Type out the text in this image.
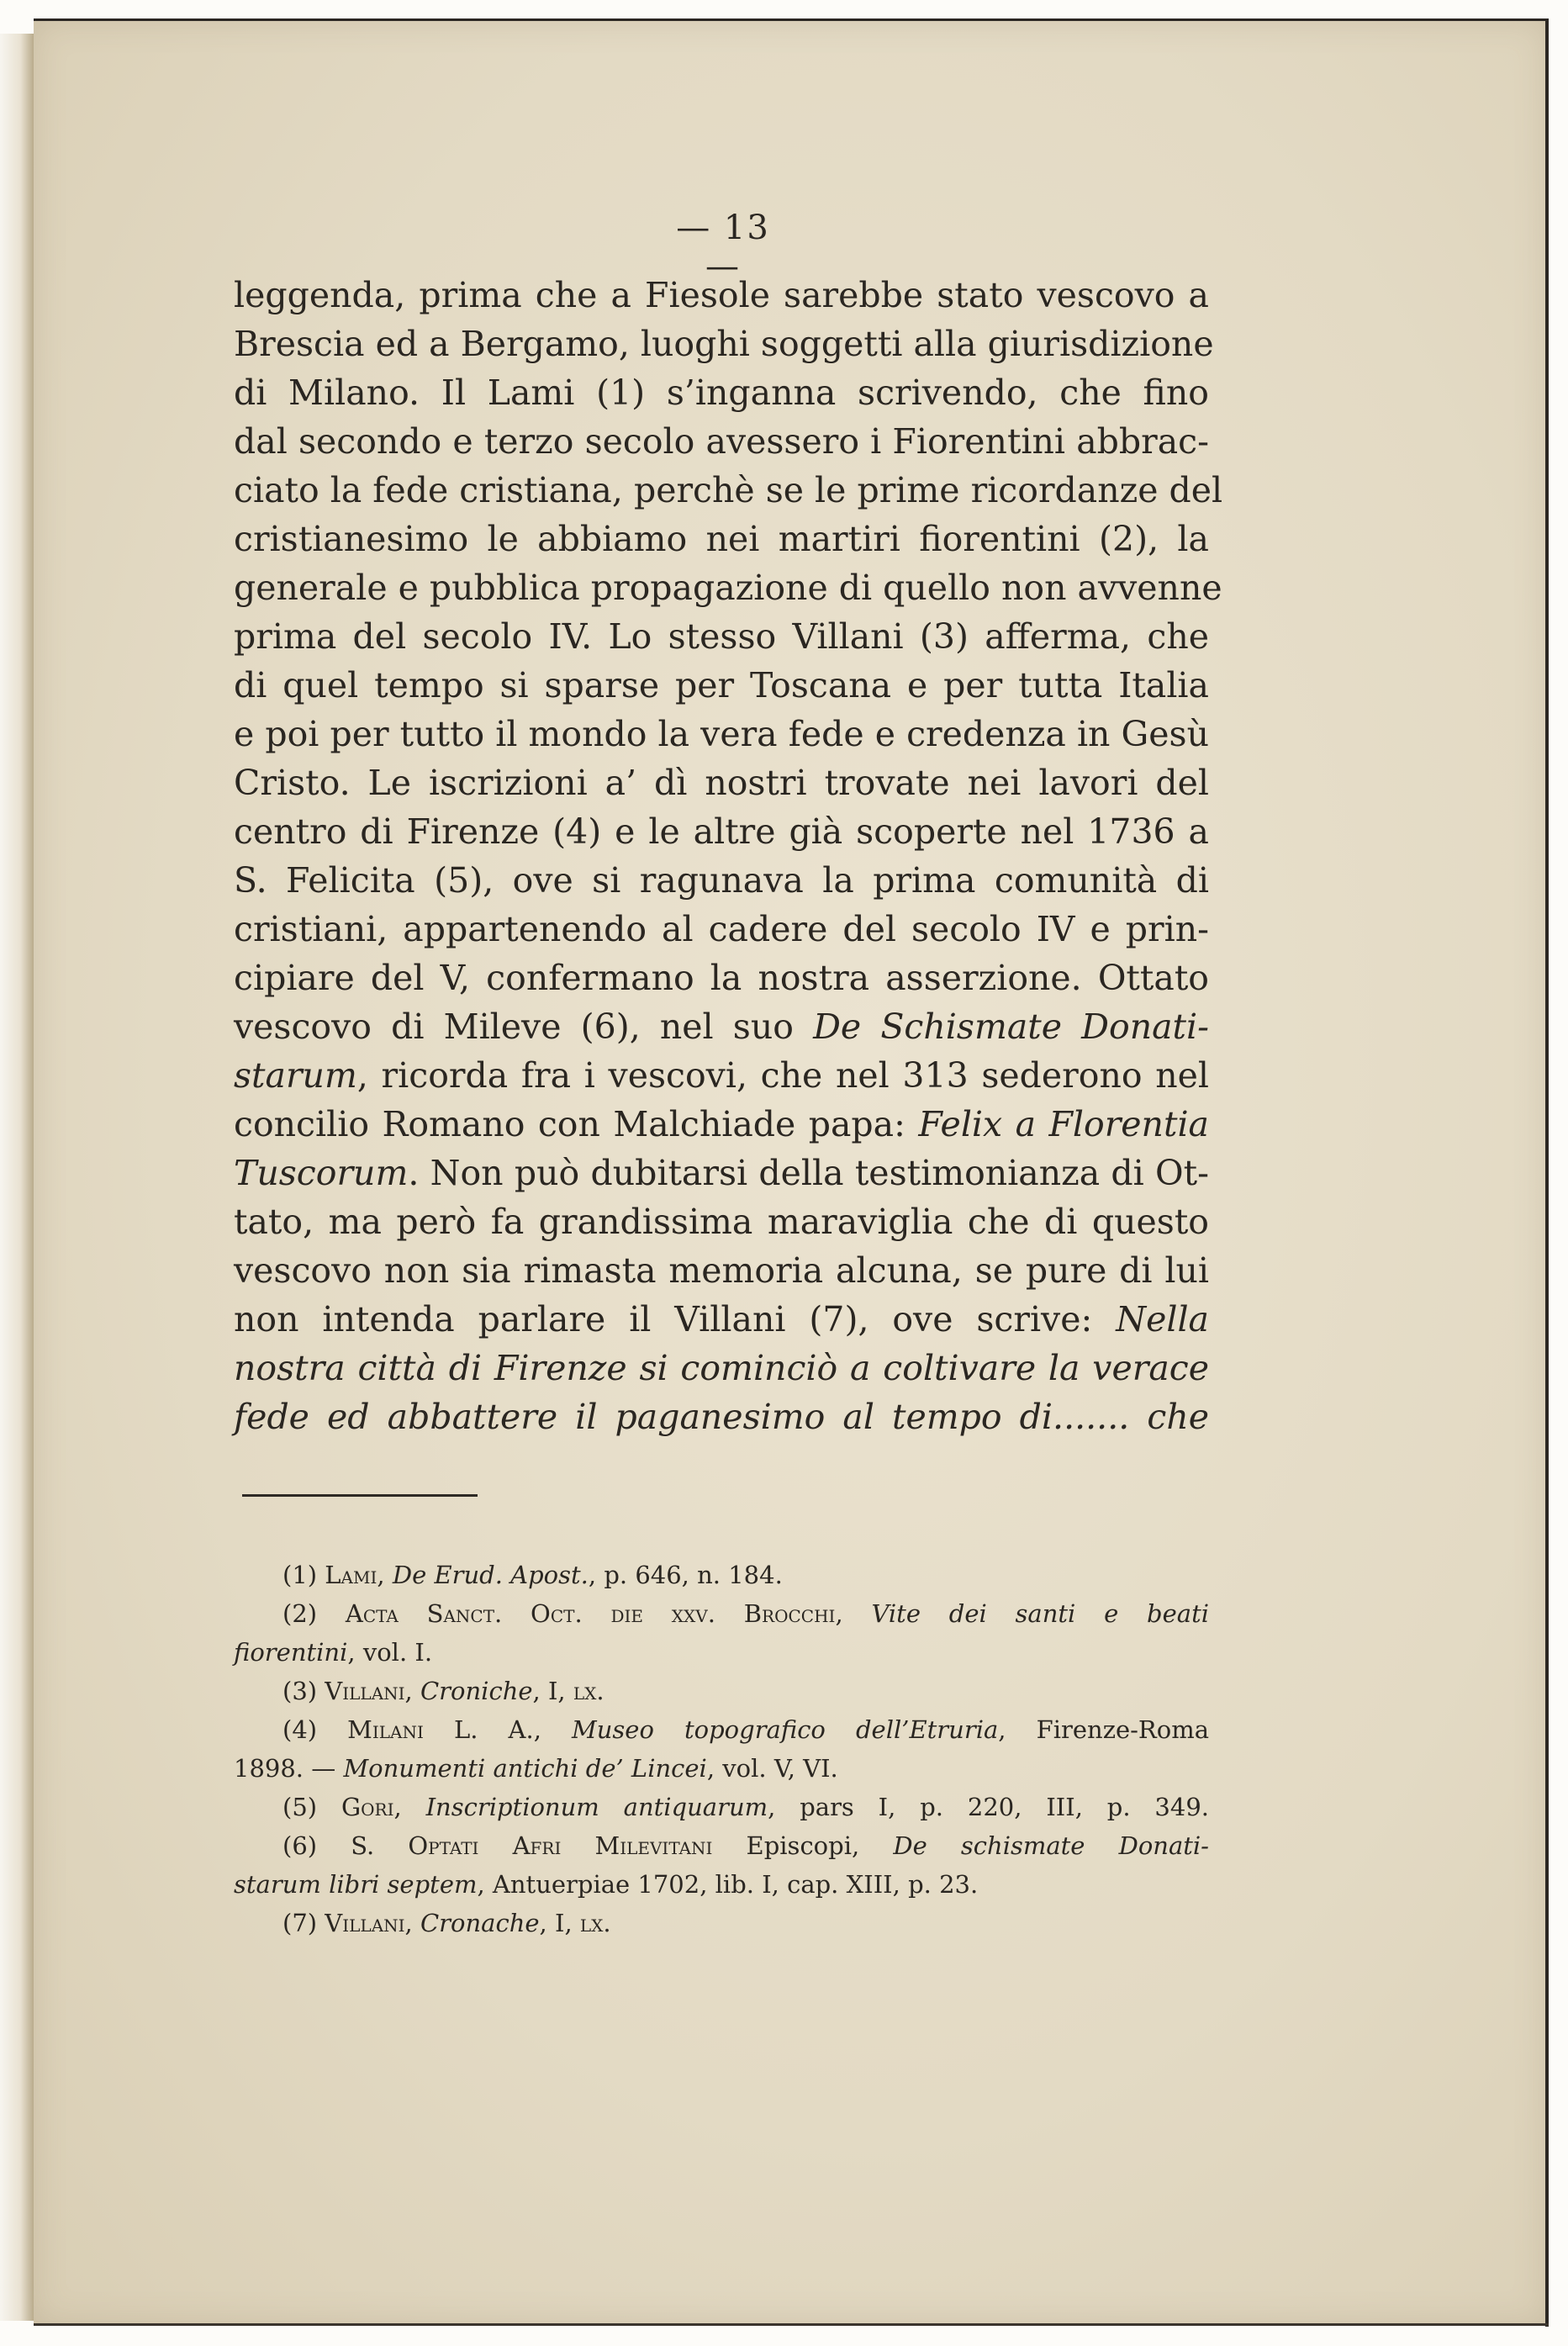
— 13 —
leggenda, prima che a Fiesole sarebbe stato vescovo a
Brescia ed a Bergamo, luoghi soggetti alla giurisdizione
di Milano. Il Lami (1) s’inganna scrivendo, che fino
dal secondo e terzo secolo avessero i Fiorentini abbrac-
ciato la fede cristiana, perchè se le prime ricordanze del
cristianesimo le abbiamo nei martiri fiorentini (2), la
generale e pubblica propagazione di quello non avvenne
prima del secolo IV. Lo stesso Villani (3) afferma, che
di quel tempo si sparse per Toscana e per tutta Italia
e poi per tutto il mondo la vera fede e credenza in Gesù
Cristo. Le iscrizioni a’ dì nostri trovate nei lavori del
centro di Firenze (4) e le altre già scoperte nel 1736 a
S. Felicita (5), ove si ragunava la prima comunità di
cristiani, appartenendo al cadere del secolo IV e prin-
cipiare del V, confermano la nostra asserzione. Ottato
vescovo di Mileve (6), nel suo De Schismate Donati-
starum, ricorda fra i vescovi, che nel 313 sederono nel
concilio Romano con Malchiade papa: Felix a Florentia
Tuscorum. Non può dubitarsi della testimonianza di Ot-
tato, ma però fa grandissima maraviglia che di questo
vescovo non sia rimasta memoria alcuna, se pure di lui
non intenda parlare il Villani (7), ove scrive: Nella
nostra città di Firenze si cominciò a coltivare la verace
fede ed abbattere il paganesimo al tempo di....... che
(1) Lami, De Erud. Apost., p. 646, n. 184.
(2) Acta Sanct. Oct. die xxv. Brocchi, Vite dei santi e beati
fiorentini, vol. I.
(3) Villani, Croniche, I, lx.
(4) Milani L. A., Museo topografico dell’Etruria, Firenze-Roma
1898. — Monumenti antichi de’ Lincei, vol. V, VI.
(5) Gori, Inscriptionum antiquarum, pars I, p. 220, III, p. 349.
(6) S. Optati Afri Milevitani Episcopi, De schismate Donati-
starum libri septem, Antuerpiae 1702, lib. I, cap. XIII, p. 23.
(7) Villani, Cronache, I, lx.
